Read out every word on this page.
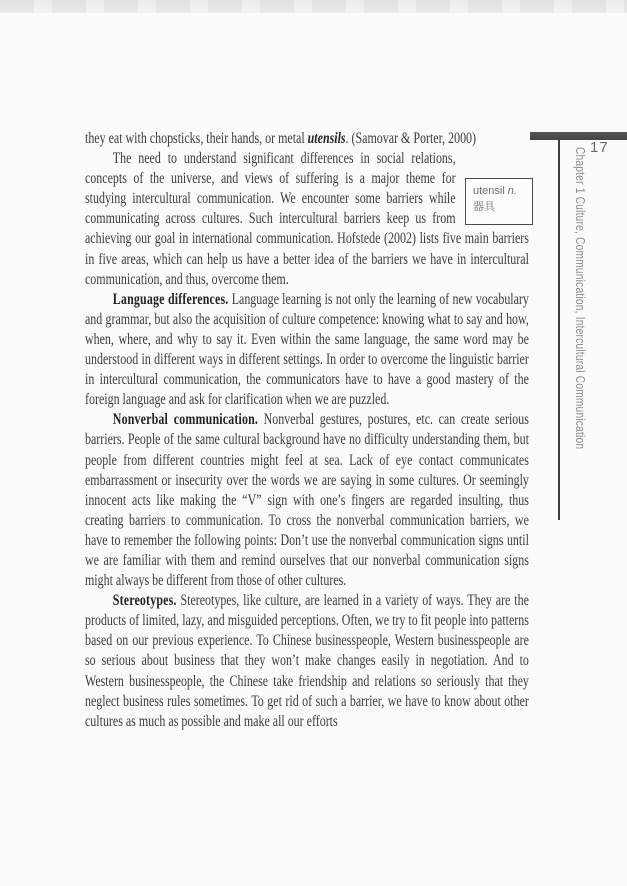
17
Chapter 1 Culture, Communication, Intercultural Communication
utensil n.
器具

they eat with chopsticks, their hands, or metal utensils. (Samovar & Porter, 2000)

The need to understand significant differences in social relations, concepts of the universe, and views of suffering is a major theme for studying intercultural communication. We encounter some barriers while communicating across cultures. Such intercultural barriers keep us from achieving our goal in international communication. Hofstede (2002) lists five main barriers in five areas, which can help us have a better idea of the barriers we have in intercultural communication, and thus, overcome them.

Language differences. Language learning is not only the learning of new vocabulary and grammar, but also the acquisition of culture competence: knowing what to say and how, when, where, and why to say it. Even within the same language, the same word may be understood in different ways in different settings. In order to overcome the linguistic barrier in intercultural communication, the communicators have to have a good mastery of the foreign language and ask for clarification when we are puzzled.

Nonverbal communication. Nonverbal gestures, postures, etc. can create serious barriers. People of the same cultural background have no difficulty understanding them, but people from different countries might feel at sea. Lack of eye contact communicates embarrassment or insecurity over the words we are saying in some cultures. Or seemingly innocent acts like making the “V” sign with one’s fingers are regarded insulting, thus creating barriers to communication. To cross the nonverbal communication barriers, we have to remember the following points: Don’t use the nonverbal communication signs until we are familiar with them and remind ourselves that our nonverbal communication signs might always be different from those of other cultures.

Stereotypes. Stereotypes, like culture, are learned in a variety of ways. They are the products of limited, lazy, and misguided perceptions. Often, we try to fit people into patterns based on our previous experience. To Chinese businesspeople, Western businesspeople are so serious about business that they won’t make changes easily in negotiation. And to Western businesspeople, the Chinese take friendship and relations so seriously that they neglect business rules sometimes. To get rid of such a barrier, we have to know about other cultures as much as possible and make all our efforts
